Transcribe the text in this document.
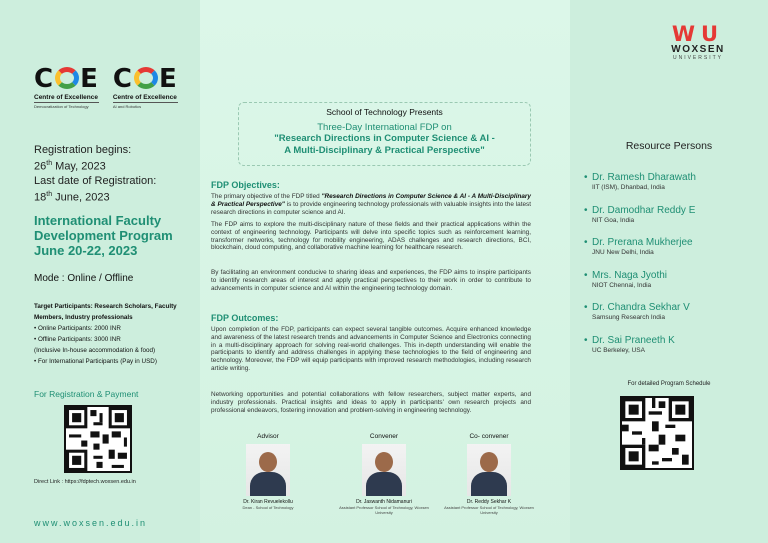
C E
Centre of Excellence
Democratization of Technology
C E
Centre of Excellence
AI and Robotics
Registration begins:
26th May, 2023
Last date of Registration:
18th June, 2023
International Faculty
Development Program
June 20-22, 2023
Mode : Online / Offline
Target Participants: Research Scholars, Faculty Members, Industry professionals
• Online Participants: 2000 INR
• Offline Participants: 3000 INR
(Inclusive In-house accommodation & food)
• For International Participants (Pay in USD)
For Registration & Payment
Direct Link : https://fdptech.woxsen.edu.in
www.woxsen.edu.in
WU
WOXSEN
UNIVERSITY
School of Technology Presents
Three-Day International FDP on
"Research Directions in Computer Science & AI -
A Multi-Disciplinary & Practical Perspective"
FDP Objectives:
The primary objective of the FDP titled "Research Directions in Computer Science & AI - A Multi-Disciplinary & Practical Perspective" is to provide engineering technology professionals with valuable insights into the latest research directions in computer science and AI.
The FDP aims to explore the multi-disciplinary nature of these fields and their practical applications within the context of engineering technology. Participants will delve into specific topics such as reinforcement learning, transformer networks, technology for mobility engineering, ADAS challenges and research directions, BCI, blockchain, cloud computing, and collaborative machine learning for healthcare research.
By facilitating an environment conducive to sharing ideas and experiences, the FDP aims to inspire participants to identify research areas of interest and apply practical perspectives to their work in order to contribute to advancements in computer science and AI within the engineering technology domain.
FDP Outcomes:
Upon completion of the FDP, participants can expect several tangible outcomes. Acquire enhanced knowledge and awareness of the latest research trends and advancements in Computer Science and Electronics connecting in a multi-disciplinary approach for solving real-world challenges. This in-depth understanding will enable the participants to identify and address challenges in applying these technologies to the field of engineering and technology. Moreover, the FDP will equip participants with improved research methodologies, including research article writing.
Networking opportunities and potential collaborations with fellow researchers, subject matter experts, and industry professionals. Practical insights and ideas to apply in participants' own research projects and professional endeavors, fostering innovation and problem-solving in engineering technology.
Advisor
Dr. Kiran Revuelekollu
Dean - School of Technology
Convener
Dr. Jaswanth Nidamanuri
Assistant Professor School of Technology, Woxsen University
Co- convener
Dr. Reddy Sekhar K
Assistant Professor School of Technology, Woxsen University
Resource Persons
• Dr. Ramesh Dharawath
IIT (ISM), Dhanbad, India
• Dr. Damodhar Reddy E
NIT Goa, India
• Dr. Prerana Mukherjee
JNU New Delhi, India
• Mrs. Naga Jyothi
NIOT Chennai, India
• Dr. Chandra Sekhar V
Samsung Research India
• Dr. Sai Praneeth K
UC Berkeley, USA
For detailed Program Schedule
